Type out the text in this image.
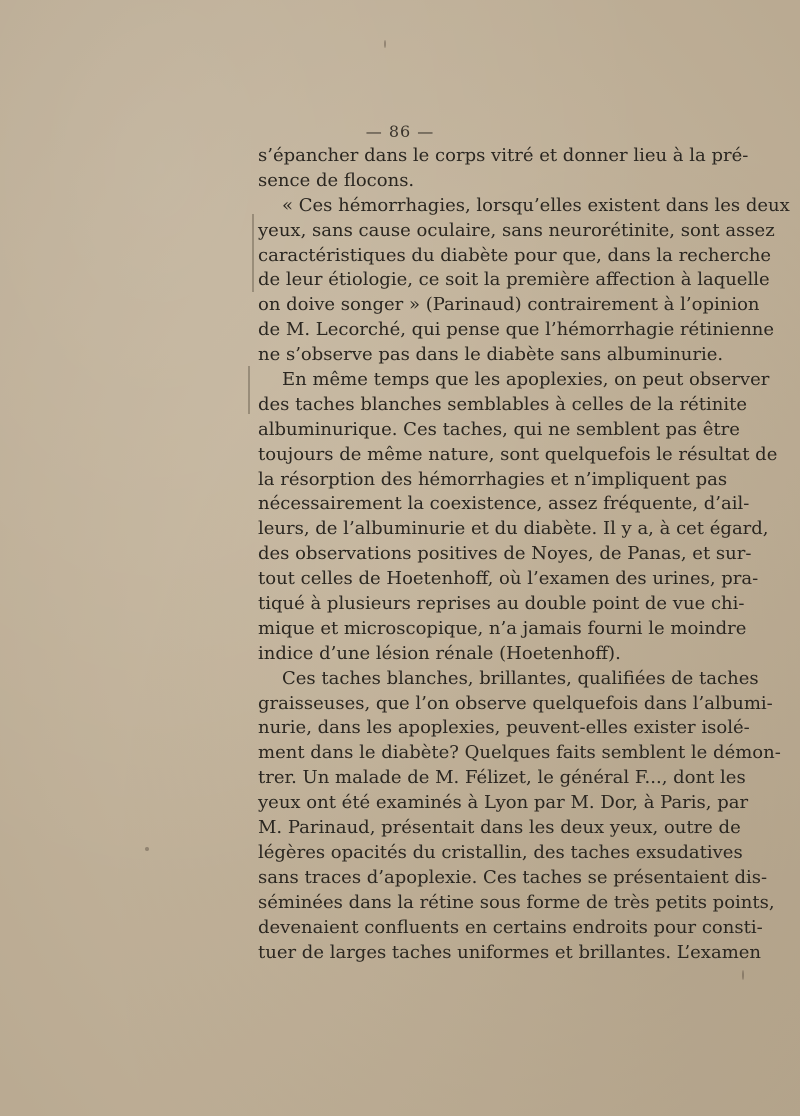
— 86 —
s’épancher dans le corps vitré et donner lieu à la pré-
sence de flocons.
« Ces hémorrhagies, lorsqu’elles existent dans les deux
yeux, sans cause oculaire, sans neurorétinite, sont assez
caractéristiques du diabète pour que, dans la recherche
de leur étiologie, ce soit la première affection à laquelle
on doive songer » (Parinaud) contrairement à l’opinion
de M. Lecorché, qui pense que l’hémorrhagie rétinienne
ne s’observe pas dans le diabète sans albuminurie.
En même temps que les apoplexies, on peut observer
des taches blanches semblables à celles de la rétinite
albuminurique. Ces taches, qui ne semblent pas être
toujours de même nature, sont quelquefois le résultat de
la résorption des hémorrhagies et n’impliquent pas
nécessairement la coexistence, assez fréquente, d’ail-
leurs, de l’albuminurie et du diabète. Il y a, à cet égard,
des observations positives de Noyes, de Panas, et sur-
tout celles de Hoetenhoff, où l’examen des urines, pra-
tiqué à plusieurs reprises au double point de vue chi-
mique et microscopique, n’a jamais fourni le moindre
indice d’une lésion rénale (Hoetenhoff).
Ces taches blanches, brillantes, qualifiées de taches
graisseuses, que l’on observe quelquefois dans l’albumi-
nurie, dans les apoplexies, peuvent-elles exister isolé-
ment dans le diabète? Quelques faits semblent le démon-
trer. Un malade de M. Félizet, le général F..., dont les
yeux ont été examinés à Lyon par M. Dor, à Paris, par
M. Parinaud, présentait dans les deux yeux, outre de
légères opacités du cristallin, des taches exsudatives
sans traces d’apoplexie. Ces taches se présentaient dis-
séminées dans la rétine sous forme de très petits points,
devenaient confluents en certains endroits pour consti-
tuer de larges taches uniformes et brillantes. L’examen
